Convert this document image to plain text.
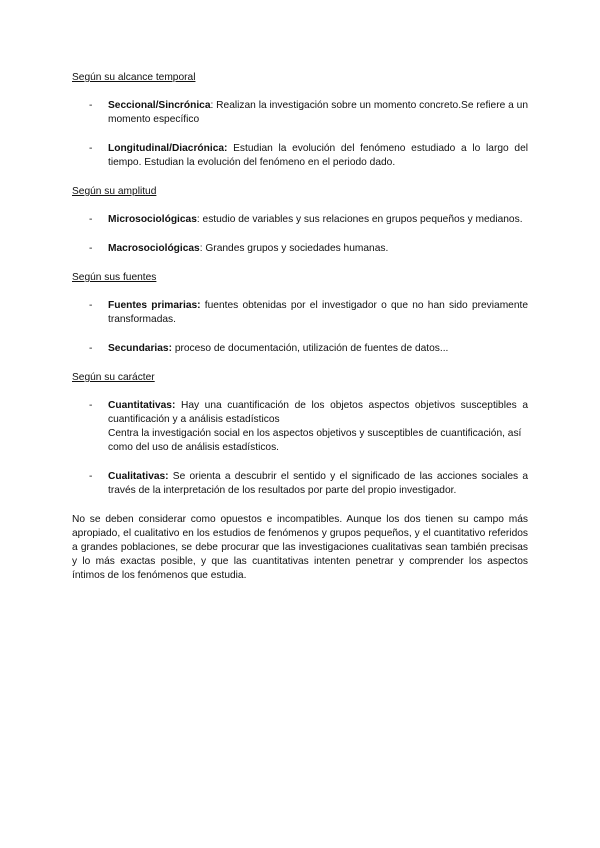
Según su alcance temporal

- Seccional/Sincrónica: Realizan la investigación sobre un momento concreto.Se refiere a un momento específico
- Longitudinal/Diacrónica: Estudian la evolución del fenómeno estudiado a lo largo del tiempo. Estudian la evolución del fenómeno en el periodo dado.

Según su amplitud

- Microsociológicas: estudio de variables y sus relaciones en grupos pequeños y medianos.
- Macrosociológicas: Grandes grupos y sociedades humanas.

Según sus fuentes

- Fuentes primarias: fuentes obtenidas por el investigador o que no han sido previamente transformadas.
- Secundarias: proceso de documentación, utilización de fuentes de datos...

Según su carácter

- Cuantitativas: Hay una cuantificación de los objetos aspectos objetivos susceptibles a cuantificación y a análisis estadísticos
Centra la investigación social en los aspectos objetivos y susceptibles de cuantificación, así como del uso de análisis estadísticos.
- Cualitativas: Se orienta a descubrir el sentido y el significado de las acciones sociales a través de la interpretación de los resultados por parte del propio investigador.

No se deben considerar como opuestos e incompatibles. Aunque los dos tienen su campo más apropiado, el cualitativo en los estudios de fenómenos y grupos pequeños, y el cuantitativo referidos a grandes poblaciones, se debe procurar que las investigaciones cualitativas sean también precisas y lo más exactas posible, y que las cuantitativas intenten penetrar y comprender los aspectos íntimos de los fenómenos que estudia.
